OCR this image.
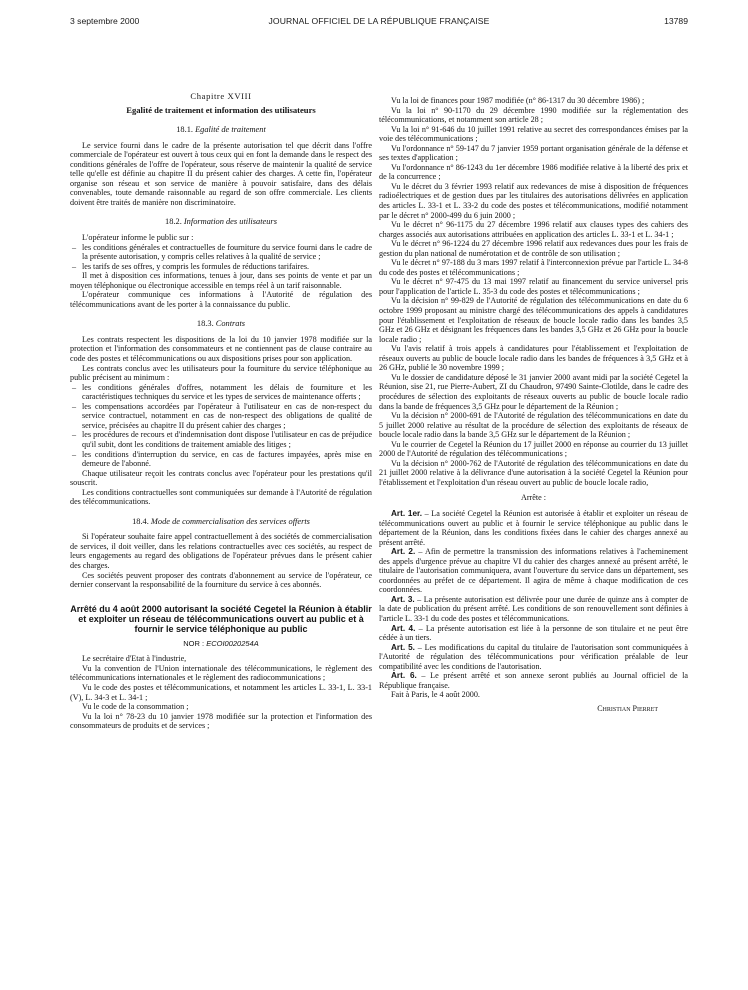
3 septembre 2000	JOURNAL OFFICIEL DE LA RÉPUBLIQUE FRANÇAISE	13789
Chapitre XVIII
Egalité de traitement et information des utilisateurs
18.1. Egalité de traitement

Le service fourni dans le cadre de la présente autorisation tel que décrit dans l'offre commerciale de l'opérateur est ouvert à tous ceux qui en font la demande dans le respect des conditions générales de l'offre de l'opérateur, sous réserve de maintenir la qualité de service telle qu'elle est définie au chapitre II du présent cahier des charges. A cette fin, l'opérateur organise son réseau et son service de manière à pouvoir satisfaire, dans des délais convenables, toute demande raisonnable au regard de son offre commerciale. Les clients doivent être traités de manière non discriminatoire.

18.2. Information des utilisateurs

L'opérateur informe le public sur :

– les conditions générales et contractuelles de fourniture du service fourni dans le cadre de la présente autorisation, y compris celles relatives à la qualité de service ;
– les tarifs de ses offres, y compris les formules de réductions tarifaires.

Il met à disposition ces informations, tenues à jour, dans ses points de vente et par un moyen téléphonique ou électronique accessible en temps réel à un tarif raisonnable.

L'opérateur communique ces informations à l'Autorité de régulation des télécommunications avant de les porter à la connaissance du public.

18.3. Contrats

Les contrats respectent les dispositions de la loi du 10 janvier 1978 modifiée sur la protection et l'information des consommateurs et ne contiennent pas de clause contraire au code des postes et télécommunications ou aux dispositions prises pour son application.

Les contrats conclus avec les utilisateurs pour la fourniture du service téléphonique au public précisent au minimum :

– les conditions générales d'offres, notamment les délais de fourniture et les caractéristiques techniques du service et les types de services de maintenance offerts ;
– les compensations accordées par l'opérateur à l'utilisateur en cas de non-respect du service contractuel, notamment en cas de non-respect des obligations de qualité de service, précisées au chapitre II du présent cahier des charges ;
– les procédures de recours et d'indemnisation dont dispose l'utilisateur en cas de préjudice qu'il subit, dont les conditions de traitement amiable des litiges ;
– les conditions d'interruption du service, en cas de factures impayées, après mise en demeure de l'abonné.

Chaque utilisateur reçoit les contrats conclus avec l'opérateur pour les prestations qu'il souscrit.

Les conditions contractuelles sont communiquées sur demande à l'Autorité de régulation des télécommunications.

18.4. Mode de commercialisation des services offerts

Si l'opérateur souhaite faire appel contractuellement à des sociétés de commercialisation de services, il doit veiller, dans les relations contractuelles avec ces sociétés, au respect de leurs engagements au regard des obligations de l'opérateur prévues dans le présent cahier des charges.

Ces sociétés peuvent proposer des contrats d'abonnement au service de l'opérateur, ce dernier conservant la responsabilité de la fourniture du service à ces abonnés.

Arrêté du 4 août 2000 autorisant la société Cegetel la Réunion à établir et exploiter un réseau de télécommunications ouvert au public et à fournir le service téléphonique au public
NOR : ECOI0020254A

Le secrétaire d'Etat à l'industrie,

Vu la convention de l'Union internationale des télécommunications, le règlement des télécommunications internationales et le règlement des radiocommunications ;

Vu le code des postes et télécommunications, et notamment les articles L. 33-1, L. 33-1 (V), L. 34-3 et L. 34-1 ;

Vu le code de la consommation ;

Vu la loi n° 78-23 du 10 janvier 1978 modifiée sur la protection et l'information des consommateurs de produits et de services ;

Vu la loi de finances pour 1987 modifiée (n° 86-1317 du 30 décembre 1986) ;

Vu la loi n° 90-1170 du 29 décembre 1990 modifiée sur la réglementation des télécommunications, et notamment son article 28 ;

Vu la loi n° 91-646 du 10 juillet 1991 relative au secret des correspondances émises par la voie des télécommunications ;

Vu l'ordonnance n° 59-147 du 7 janvier 1959 portant organisation générale de la défense et ses textes d'application ;

Vu l'ordonnance n° 86-1243 du 1er décembre 1986 modifiée relative à la liberté des prix et de la concurrence ;

Vu le décret du 3 février 1993 relatif aux redevances de mise à disposition de fréquences radioélectriques et de gestion dues par les titulaires des autorisations délivrées en application des articles L. 33-1 et L. 33-2 du code des postes et télécommunications, modifié notamment par le décret n° 2000-499 du 6 juin 2000 ;

Vu le décret n° 96-1175 du 27 décembre 1996 relatif aux clauses types des cahiers des charges associés aux autorisations attribuées en application des articles L. 33-1 et L. 34-1 ;

Vu le décret n° 96-1224 du 27 décembre 1996 relatif aux redevances dues pour les frais de gestion du plan national de numérotation et de contrôle de son utilisation ;

Vu le décret n° 97-188 du 3 mars 1997 relatif à l'interconnexion prévue par l'article L. 34-8 du code des postes et télécommunications ;

Vu le décret n° 97-475 du 13 mai 1997 relatif au financement du service universel pris pour l'application de l'article L. 35-3 du code des postes et télécommunications ;

Vu la décision n° 99-829 de l'Autorité de régulation des télécommunications en date du 6 octobre 1999 proposant au ministre chargé des télécommunications des appels à candidatures pour l'établissement et l'exploitation de réseaux de boucle locale radio dans les bandes 3,5 GHz et 26 GHz et désignant les fréquences dans les bandes 3,5 GHz et 26 GHz pour la boucle locale radio ;

Vu l'avis relatif à trois appels à candidatures pour l'établissement et l'exploitation de réseaux ouverts au public de boucle locale radio dans les bandes de fréquences à 3,5 GHz et à 26 GHz, publié le 30 novembre 1999 ;

Vu le dossier de candidature déposé le 31 janvier 2000 avant midi par la société Cegetel la Réunion, sise 21, rue Pierre-Aubert, ZI du Chaudron, 97490 Sainte-Clotilde, dans le cadre des procédures de sélection des exploitants de réseaux ouverts au public de boucle locale radio dans la bande de fréquences 3,5 GHz pour le département de la Réunion ;

Vu la décision n° 2000-691 de l'Autorité de régulation des télécommunications en date du 5 juillet 2000 relative au résultat de la procédure de sélection des exploitants de réseaux de boucle locale radio dans la bande 3,5 GHz sur le département de la Réunion ;

Vu le courrier de Cegetel la Réunion du 17 juillet 2000 en réponse au courrier du 13 juillet 2000 de l'Autorité de régulation des télécommunications ;

Vu la décision n° 2000-762 de l'Autorité de régulation des télécommunications en date du 21 juillet 2000 relative à la délivrance d'une autorisation à la société Cegetel la Réunion pour l'établissement et l'exploitation d'un réseau ouvert au public de boucle locale radio,

Arrête :

Art. 1er. – La société Cegetel la Réunion est autorisée à établir et exploiter un réseau de télécommunications ouvert au public et à fournir le service téléphonique au public dans le département de la Réunion, dans les conditions fixées dans le cahier des charges annexé au présent arrêté.

Art. 2. – Afin de permettre la transmission des informations relatives à l'acheminement des appels d'urgence prévue au chapitre VI du cahier des charges annexé au présent arrêté, le titulaire de l'autorisation communiquera, avant l'ouverture du service dans un département, ses coordonnées au préfet de ce département. Il agira de même à chaque modification de ces coordonnées.

Art. 3. – La présente autorisation est délivrée pour une durée de quinze ans à compter de la date de publication du présent arrêté. Les conditions de son renouvellement sont définies à l'article L. 33-1 du code des postes et télécommunications.

Art. 4. – La présente autorisation est liée à la personne de son titulaire et ne peut être cédée à un tiers.

Art. 5. – Les modifications du capital du titulaire de l'autorisation sont communiquées à l'Autorité de régulation des télécommunications pour vérification préalable de leur compatibilité avec les conditions de l'autorisation.

Art. 6. – Le présent arrêté et son annexe seront publiés au Journal officiel de la République française.

Fait à Paris, le 4 août 2000.

Christian Pierret
